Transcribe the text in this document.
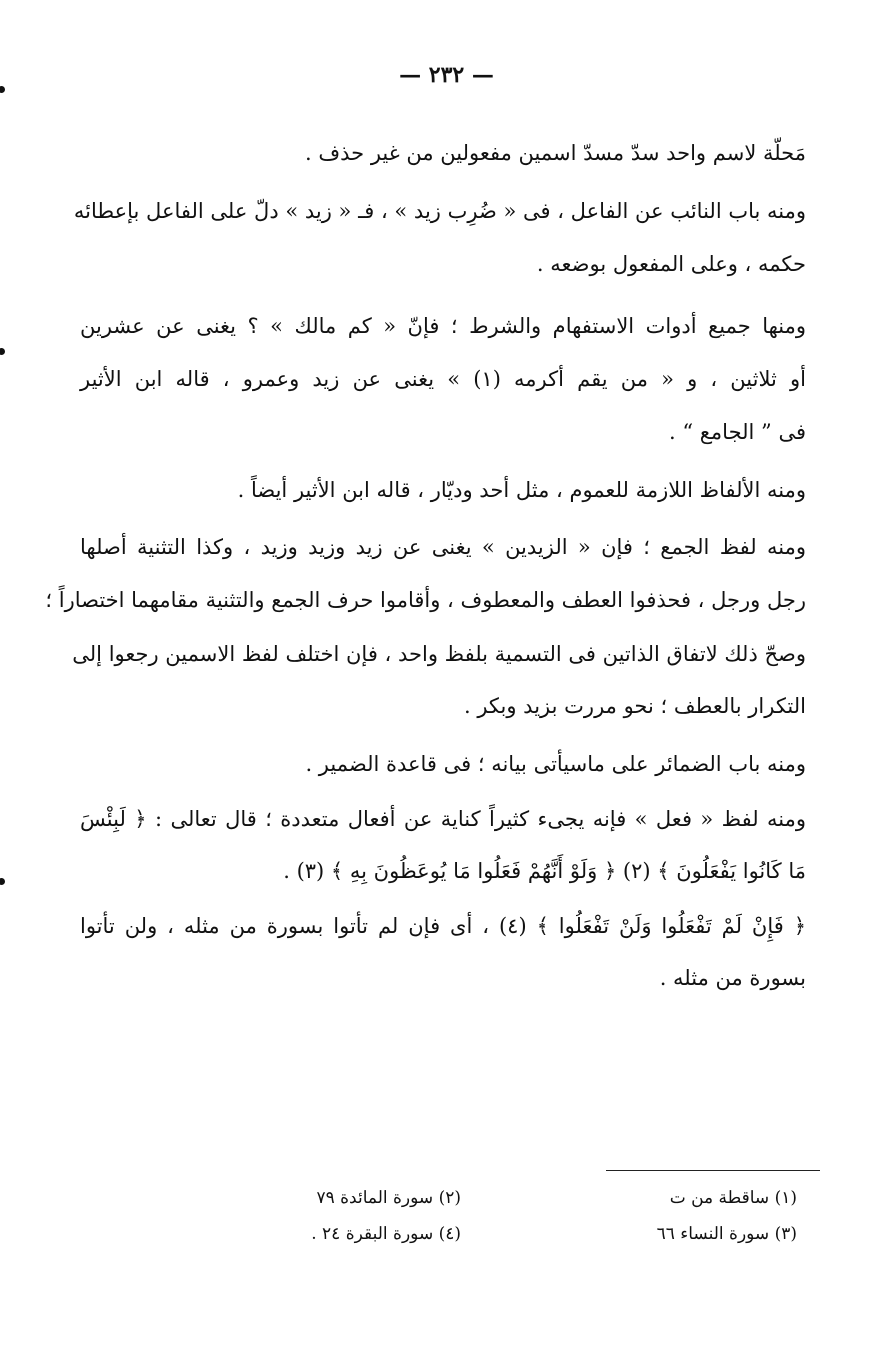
— ٢٣٢ —
مَحلّة لاسم واحد سدّ مسدّ اسمين مفعولين من غير حذف .
ومنه باب النائب عن الفاعل ، فى « ضُرِب زيد » ، فـ « زيد » دلّ على الفاعل بإعطائه
حكمه ، وعلى المفعول بوضعه .
ومنها جميع أدوات الاستفهام والشرط ؛ فإنّ « كم مالك » ؟ يغنى عن عشرين
أو ثلاثين ، و « من يقم أكرمه (١) » يغنى عن زيد وعمرو ، قاله ابن الأثير
فى ” الجامع “ .
ومنه الألفاظ اللازمة للعموم ، مثل أحد وديّار ، قاله ابن الأثير أيضاً .
ومنه لفظ الجمع ؛ فإن « الزيدين » يغنى عن زيد وزيد وزيد ، وكذا التثنية أصلها
رجل ورجل ، فحذفوا العطف والمعطوف ، وأقاموا حرف الجمع والتثنية مقامهما اختصاراً ؛
وصحّ ذلك لاتفاق الذاتين فى التسمية بلفظ واحد ، فإن اختلف لفظ الاسمين رجعوا إلى
التكرار بالعطف ؛ نحو مررت بزيد وبكر .
ومنه باب الضمائر على ماسيأتى بيانه ؛ فى قاعدة الضمير .
ومنه لفظ « فعل » فإنه يجىء كثيراً كناية عن أفعال متعددة ؛ قال تعالى : ﴿ لَبِئْسَ
مَا كَانُوا يَفْعَلُونَ ﴾ (٢) ﴿ وَلَوْ أَنَّهُمْ فَعَلُوا مَا يُوعَظُونَ بِهِ ﴾ (٣) .
﴿ فَإِنْ لَمْ تَفْعَلُوا وَلَنْ تَفْعَلُوا ﴾ (٤) ، أى فإن لم تأتوا بسورة من مثله ، ولن تأتوا
بسورة من مثله .
(١) ساقطة من ت
(٢) سورة المائدة ٧٩
(٣) سورة النساء ٦٦
(٤) سورة البقرة ٢٤ .
